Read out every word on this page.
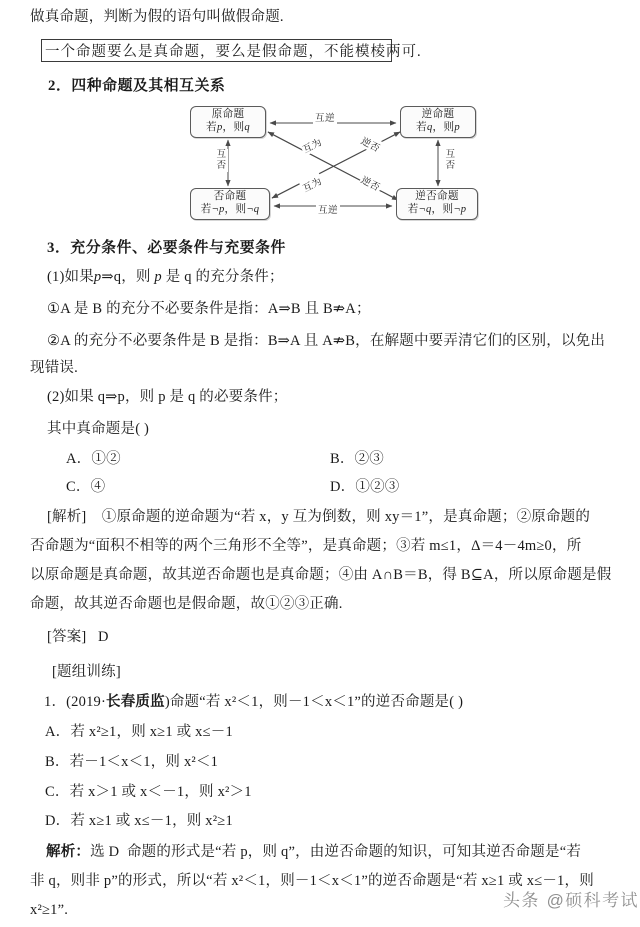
做真命题，判断为假的语句叫做假命题.
一个命题要么是真命题，要么是假命题，不能模棱两可.
2．四种命题及其相互关系
原命题
若p，则q
逆命题
若q，则p
否命题
若¬p，则¬q
逆否命题
若¬q，则¬p
互逆
互逆
互否
互否
互为	逆否
互为	逆否
3．充分条件、必要条件与充要条件
(1)如果p⇒q，则 p 是 q 的充分条件；
①A 是 B 的充分不必要条件是指：A⇒B 且 B⇏A；
②A 的充分不必要条件是 B 是指：B⇒A 且 A⇏B，在解题中要弄清它们的区别，以免出
现错误.
(2)如果 q⇒p，则 p 是 q 的必要条件；
其中真命题是( )
A．①②	B．②③
C．④	D．①②③
[解析] ①原命题的逆命题为“若 x，y 互为倒数，则 xy＝1”，是真命题；②原命题的
否命题为“面积不相等的两个三角形不全等”，是真命题；③若 m≤1，Δ＝4－4m≥0，所
以原命题是真命题，故其逆否命题也是真命题；④由 A∩B＝B，得 B⊆A，所以原命题是假
命题，故其逆否命题也是假命题，故①②③正确.
[答案] D
[题组训练]
1．(2019·长春质监)命题“若 x²＜1，则－1＜x＜1”的逆否命题是( )
A．若 x²≥1，则 x≥1 或 x≤－1
B．若－1＜x＜1，则 x²＜1
C．若 x＞1 或 x＜－1，则 x²＞1
D．若 x≥1 或 x≤－1，则 x²≥1
解析：选 D 命题的形式是“若 p，则 q”，由逆否命题的知识，可知其逆否命题是“若
非 q，则非 p”的形式，所以“若 x²＜1，则－1＜x＜1”的逆否命题是“若 x≥1 或 x≤－1，则
x²≥1”.	头条 @硕科考试
